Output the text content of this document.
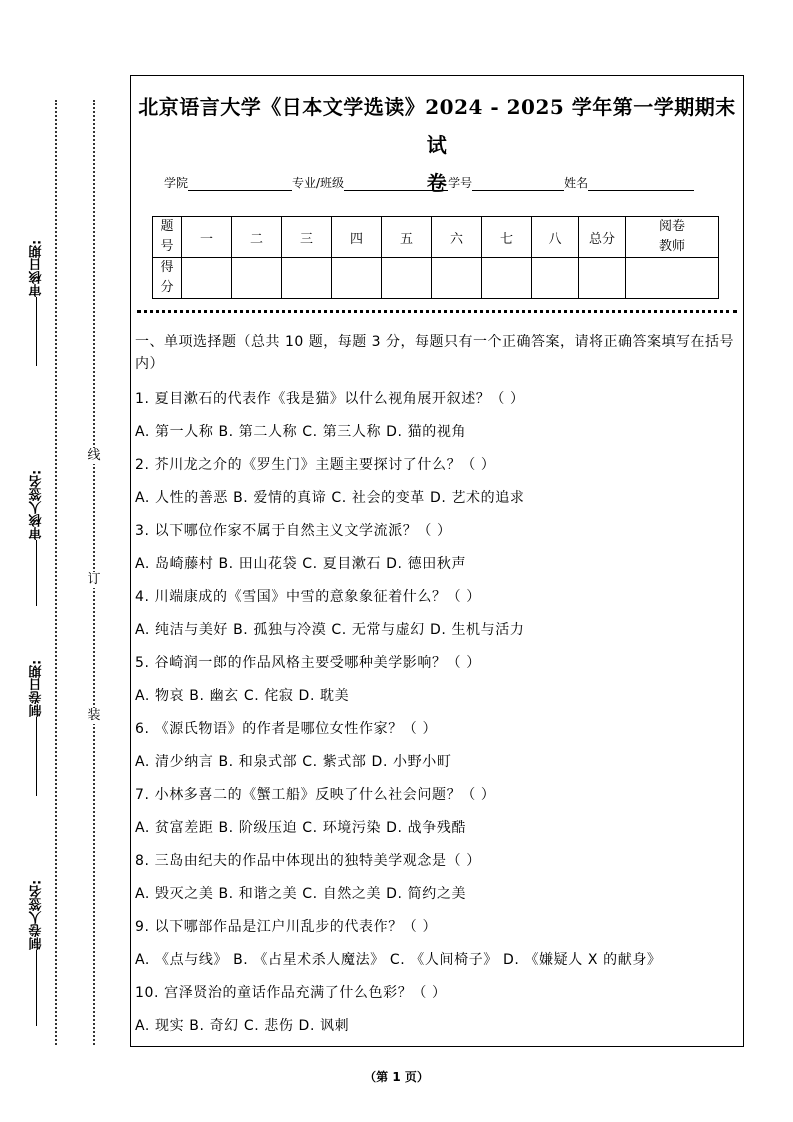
审核日期:
审核人签名:
制卷日期:
制卷人签名:
线
订
装
北京语言大学《日本文学选读》2024 - 2025 学年第一学期期末试
卷
学院	专业/班级	学号	姓名
题号	一	二	三	四	五	六	七	八	总分	阅卷教师
得分										

一、单项选择题（总共 10 题，每题 3 分，每题只有一个正确答案，请将正确答案填写在括号内）

1. 夏目漱石的代表作《我是猫》以什么视角展开叙述？（ ）
A. 第一人称 B. 第二人称 C. 第三人称 D. 猫的视角
2. 芥川龙之介的《罗生门》主题主要探讨了什么？（ ）
A. 人性的善恶 B. 爱情的真谛 C. 社会的变革 D. 艺术的追求
3. 以下哪位作家不属于自然主义文学流派？（ ）
A. 岛崎藤村 B. 田山花袋 C. 夏目漱石 D. 德田秋声
4. 川端康成的《雪国》中雪的意象象征着什么？（ ）
A. 纯洁与美好 B. 孤独与冷漠 C. 无常与虚幻 D. 生机与活力
5. 谷崎润一郎的作品风格主要受哪种美学影响？（ ）
A. 物哀 B. 幽玄 C. 侘寂 D. 耽美
6. 《源氏物语》的作者是哪位女性作家？（ ）
A. 清少纳言 B. 和泉式部 C. 紫式部 D. 小野小町
7. 小林多喜二的《蟹工船》反映了什么社会问题？（ ）
A. 贫富差距 B. 阶级压迫 C. 环境污染 D. 战争残酷
8. 三岛由纪夫的作品中体现出的独特美学观念是（ ）
A. 毁灭之美 B. 和谐之美 C. 自然之美 D. 简约之美
9. 以下哪部作品是江户川乱步的代表作？（ ）
A. 《点与线》 B. 《占星术杀人魔法》 C. 《人间椅子》 D. 《嫌疑人 X 的献身》
10. 宫泽贤治的童话作品充满了什么色彩？（ ）
A. 现实 B. 奇幻 C. 悲伤 D. 讽刺
（第 1 页）
